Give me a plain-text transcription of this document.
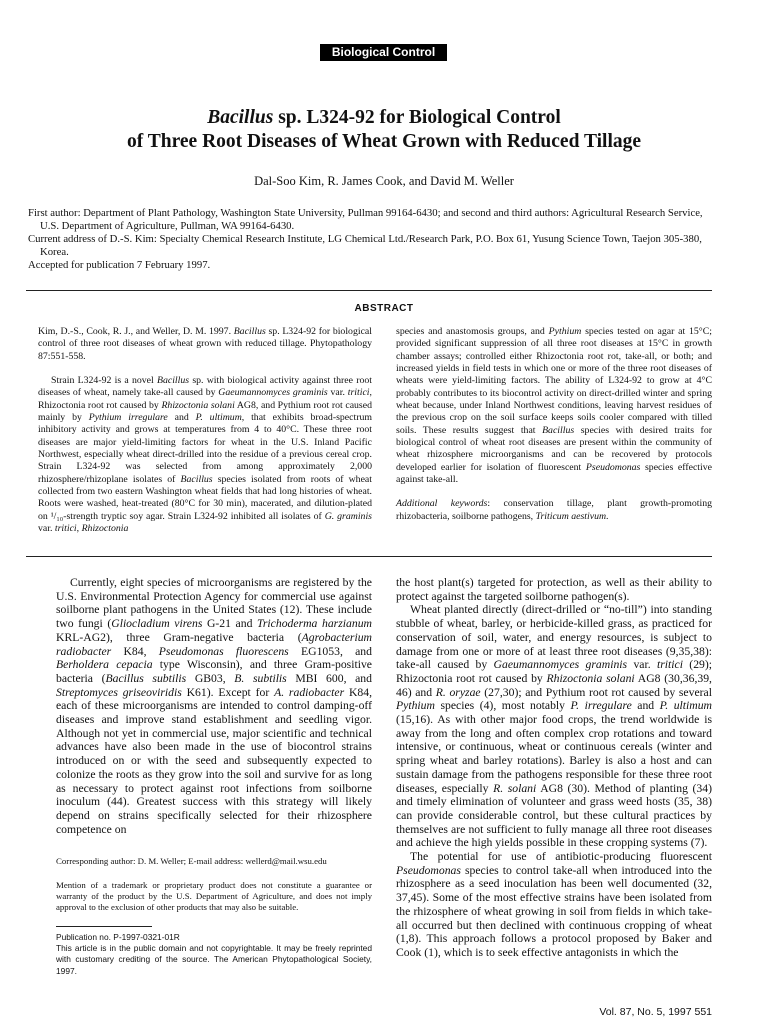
Biological Control
Bacillus sp. L324-92 for Biological Control
of Three Root Diseases of Wheat Grown with Reduced Tillage
Dal-Soo Kim, R. James Cook, and David M. Weller

First author: Department of Plant Pathology, Washington State University, Pullman 99164-6430; and second and third authors: Agricultural Research Service, U.S. Department of Agriculture, Pullman, WA 99164-6430.

Current address of D.-S. Kim: Specialty Chemical Research Institute, LG Chemical Ltd./Research Park, P.O. Box 61, Yusung Science Town, Taejon 305-380, Korea.

Accepted for publication 7 February 1997.

ABSTRACT

Kim, D.-S., Cook, R. J., and Weller, D. M. 1997. Bacillus sp. L324-92 for biological control of three root diseases of wheat grown with reduced tillage. Phytopathology 87:551-558.

Strain L324-92 is a novel Bacillus sp. with biological activity against three root diseases of wheat, namely take-all caused by Gaeumannomyces graminis var. tritici, Rhizoctonia root rot caused by Rhizoctonia solani AG8, and Pythium root rot caused mainly by Pythium irregulare and P. ultimum, that exhibits broad-spectrum inhibitory activity and grows at temperatures from 4 to 40°C. These three root diseases are major yield-limiting factors for wheat in the U.S. Inland Pacific Northwest, especially wheat direct-drilled into the residue of a previous cereal crop. Strain L324-92 was selected from among approximately 2,000 rhizosphere/rhizoplane isolates of Bacillus species isolated from roots of wheat collected from two eastern Washington wheat fields that had long histories of wheat. Roots were washed, heat-treated (80°C for 30 min), macerated, and dilution-plated on ¹/₁₀-strength tryptic soy agar. Strain L324-92 inhibited all isolates of G. graminis var. tritici, Rhizoctonia

species and anastomosis groups, and Pythium species tested on agar at 15°C; provided significant suppression of all three root diseases at 15°C in growth chamber assays; controlled either Rhizoctonia root rot, take-all, or both; and increased yields in field tests in which one or more of the three root diseases of wheats were yield-limiting factors. The ability of L324-92 to grow at 4°C probably contributes to its biocontrol activity on direct-drilled winter and spring wheat because, under Inland Northwest conditions, leaving harvest residues of the previous crop on the soil surface keeps soils cooler compared with tilled soils. These results suggest that Bacillus species with desired traits for biological control of wheat root diseases are present within the community of wheat rhizosphere microorganisms and can be recovered by protocols developed earlier for isolation of fluorescent Pseudomonas species effective against take-all.

Additional keywords: conservation tillage, plant growth-promoting rhizobacteria, soilborne pathogens, Triticum aestivum.

Currently, eight species of microorganisms are registered by the U.S. Environmental Protection Agency for commercial use against soilborne plant pathogens in the United States (12). These include two fungi (Gliocladium virens G-21 and Trichoderma harzianum KRL-AG2), three Gram-negative bacteria (Agrobacterium radiobacter K84, Pseudomonas fluorescens EG1053, and Berholdera cepacia type Wisconsin), and three Gram-positive bacteria (Bacillus subtilis GB03, B. subtilis MBI 600, and Streptomyces griseoviridis K61). Except for A. radiobacter K84, each of these microorganisms are intended to control damping-off diseases and improve stand establishment and seedling vigor. Although not yet in commercial use, major scientific and technical advances have also been made in the use of biocontrol strains introduced on or with the seed and subsequently expected to colonize the roots as they grow into the soil and survive for as long as necessary to protect against root infections from soilborne inoculum (44). Greatest success with this strategy will likely depend on strains specifically selected for their rhizosphere competence on

the host plant(s) targeted for protection, as well as their ability to protect against the targeted soilborne pathogen(s).

Wheat planted directly (direct-drilled or “no-till”) into standing stubble of wheat, barley, or herbicide-killed grass, as practiced for conservation of soil, water, and energy resources, is subject to damage from one or more of at least three root diseases (9,35,38): take-all caused by Gaeumannomyces graminis var. tritici (29); Rhizoctonia root rot caused by Rhizoctonia solani AG8 (30,36,39, 46) and R. oryzae (27,30); and Pythium root rot caused by several Pythium species (4), most notably P. irregulare and P. ultimum (15,16). As with other major food crops, the trend worldwide is away from the long and often complex crop rotations and toward intensive, or continuous, wheat or continuous cereals (winter and spring wheat and barley rotations). Barley is also a host and can sustain damage from the pathogens responsible for these three root diseases, especially R. solani AG8 (30). Method of planting (34) and timely elimination of volunteer and grass weed hosts (35, 38) can provide considerable control, but these cultural practices by themselves are not sufficient to fully manage all three root diseases and achieve the high yields possible in these cropping systems (7).

The potential for use of antibiotic-producing fluorescent Pseudomonas species to control take-all when introduced into the rhizosphere as a seed inoculation has been well documented (32, 37,45). Some of the most effective strains have been isolated from the rhizosphere of wheat growing in soil from fields in which take-all occurred but then declined with continuous cropping of wheat (1,8). This approach follows a protocol proposed by Baker and Cook (1), which is to seek effective antagonists in which the

Corresponding author: D. M. Weller; E-mail address: wellerd@mail.wsu.edu

Mention of a trademark or proprietary product does not constitute a guarantee or warranty of the product by the U.S. Department of Agriculture, and does not imply approval to the exclusion of other products that may also be suitable.

Publication no. P-1997-0321-01R

This article is in the public domain and not copyrightable. It may be freely reprinted with customary crediting of the source. The American Phytopathological Society, 1997.

Vol. 87, No. 5, 1997 551
